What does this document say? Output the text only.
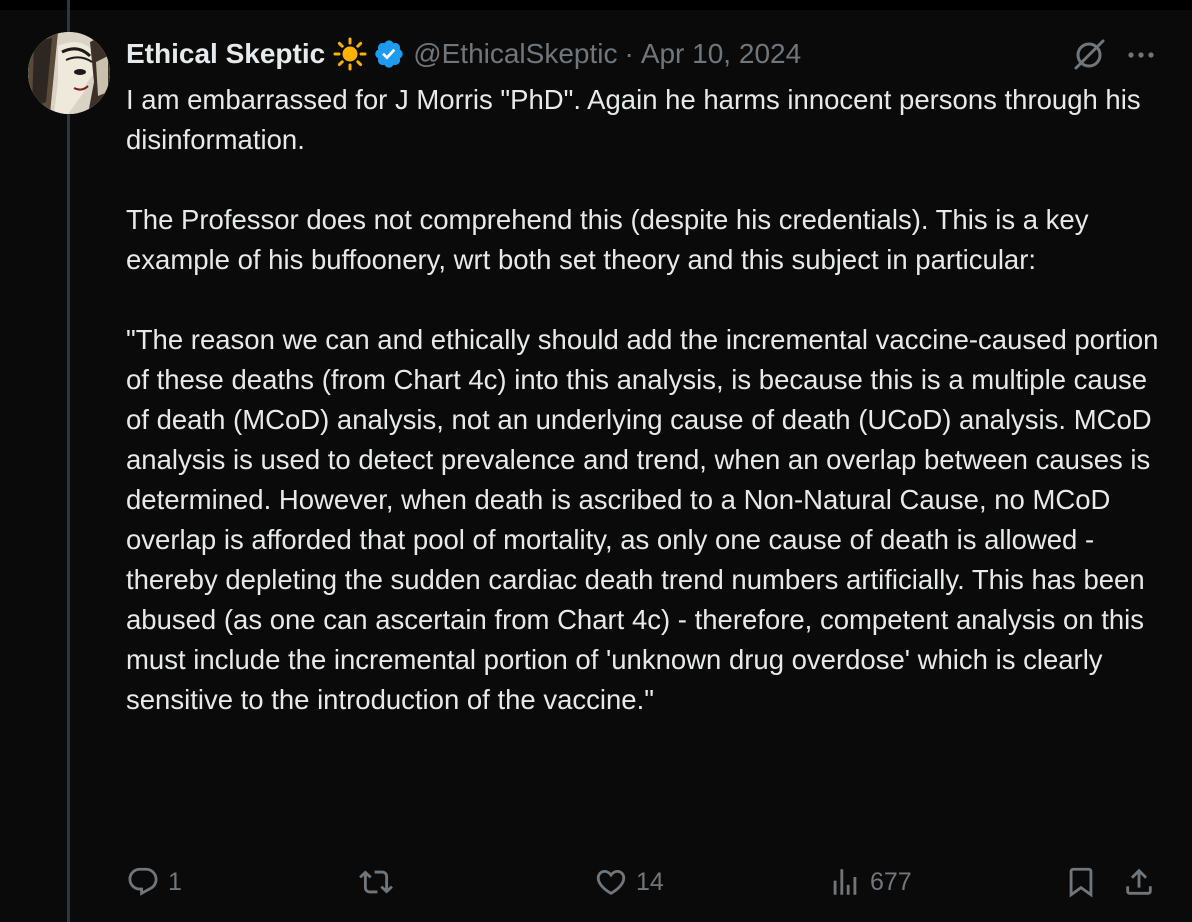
Ethical Skeptic	@EthicalSkeptic · Apr 10, 2024

I am embarrassed for J Morris "PhD". Again he harms innocent persons through his disinformation.

The Professor does not comprehend this (despite his credentials). This is a key example of his buffoonery, wrt both set theory and this subject in particular:

"The reason we can and ethically should add the incremental vaccine-caused portion of these deaths (from Chart 4c) into this analysis, is because this is a multiple cause of death (MCoD) analysis, not an underlying cause of death (UCoD) analysis. MCoD analysis is used to detect prevalence and trend, when an overlap between causes is determined. However, when death is ascribed to a Non-Natural Cause, no MCoD overlap is afforded that pool of mortality, as only one cause of death is allowed - thereby depleting the sudden cardiac death trend numbers artificially. This has been abused (as one can ascertain from Chart 4c) - therefore, competent analysis on this must include the incremental portion of 'unknown drug overdose' which is clearly sensitive to the introduction of the vaccine."

1	14	677
